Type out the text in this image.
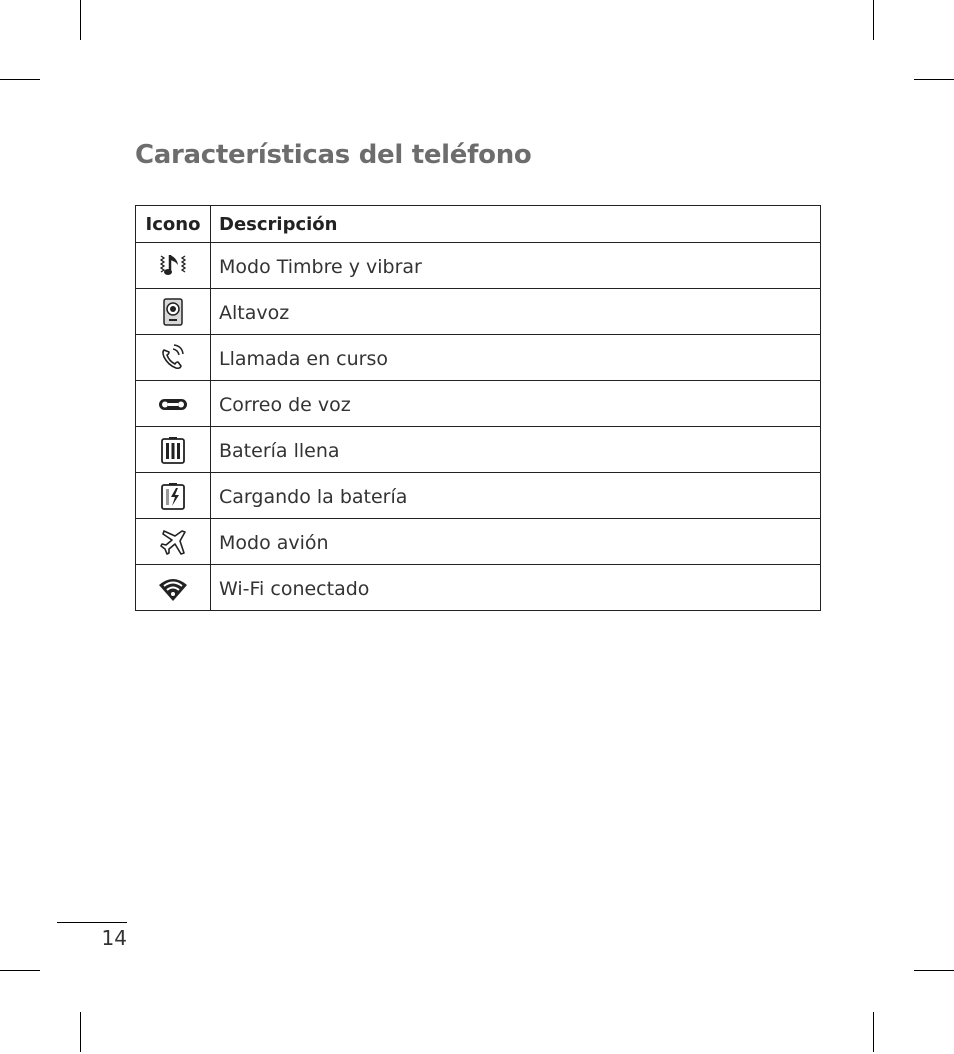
Características del teléfono
Icono	Descripción

	Modo Timbre y vibrar

	Altavoz

	Llamada en curso

	Correo de voz

	Batería llena

	Cargando la batería

	Modo avión

	Wi-Fi conectado
14
